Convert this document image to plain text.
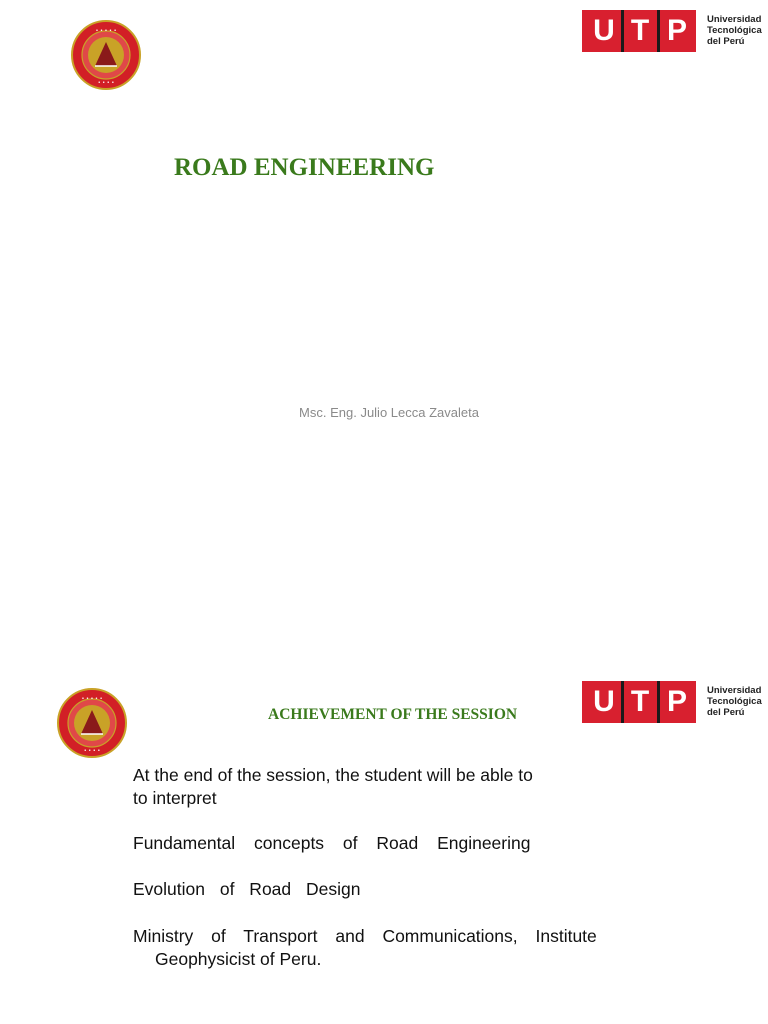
• • • • •
• • • •
U T P	Universidad
Tecnológica
del Perú
ROAD ENGINEERING
Msc. Eng. Julio Lecca Zavaleta
• • • • •
• • • •
U T P	Universidad
Tecnológica
del Perú
ACHIEVEMENT OF THE SESSION
At the end of the session, the student will be able to
to interpret
Fundamental concepts of Road Engineering
Evolution of Road Design
Ministry of Transport and Communications, Institute
Geophysicist of Peru.
